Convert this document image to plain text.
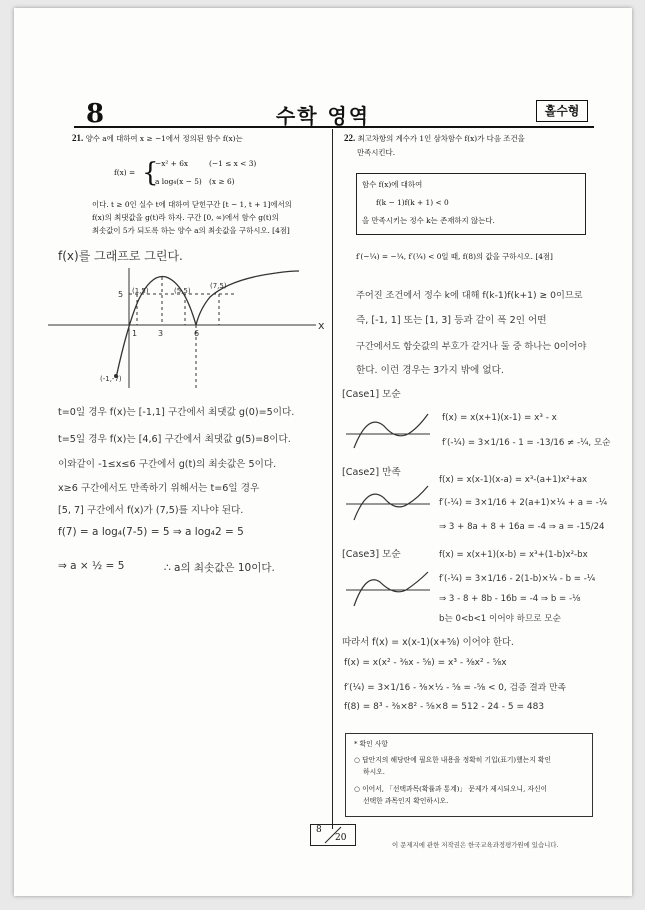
8	수학 영역	홀수형
21. 양수 a에 대하여 x ≥ −1에서 정의된 함수 f(x)는
f(x) = {
−x² + 6x	(−1 ≤ x < 3)
a log₄(x − 5) (x ≥ 6)
이다. t ≥ 0인 실수 t에 대하여 닫힌구간 [t − 1, t + 1]에서의
f(x)의 최댓값을 g(t)라 하자. 구간 [0, ∞)에서 함수 g(t)의
최솟값이 5가 되도록 하는 양수 a의 최솟값을 구하시오. [4점]
f(x)를 그래프로 그린다.
x
5 (1,5)	(5,5)
(7,5)
1	3	6
(-1,-7)
t=0일 경우 f(x)는 [-1,1] 구간에서 최댓값 g(0)=5이다.
t=5일 경우 f(x)는 [4,6] 구간에서 최댓값 g(5)=8이다.
이와같이 -1≤x≤6 구간에서 g(t)의 최솟값은 5이다.
x≥6 구간에서도 만족하기 위해서는 t=6일 경우
[5, 7] 구간에서 f(x)가 (7,5)를 지나야 된다.
f(7) = a log₄(7-5) = 5 ⇒ a log₄2 = 5
⇒ a × ½ = 5	∴ a의 최솟값은 10이다.
22. 최고차항의 계수가 1인 삼차함수 f(x)가 다음 조건을
만족시킨다.
함수 f(x)에 대하여
f(k − 1)f(k + 1) < 0
을 만족시키는 정수 k는 존재하지 않는다.
f′(−¼) = −¼, f′(¼) < 0일 때, f(8)의 값을 구하시오. [4점]
주어진 조건에서 정수 k에 대해 f(k-1)f(k+1) ≥ 0이므로
즉, [-1, 1] 또는 [1, 3] 등과 같이 폭 2인 어떤
구간에서도 함숫값의 부호가 같거나 둘 중 하나는 0이어야
한다. 이런 경우는 3가지 밖에 없다.
[Case1] 모순
f(x) = x(x+1)(x-1) = x³ - x
f′(-¼) = 3×1/16 - 1 = -13/16 ≠ -¼, 모순
[Case2] 만족
f(x) = x(x-1)(x-a) = x³-(a+1)x²+ax
f′(-¼) = 3×1/16 + 2(a+1)×¼ + a = -¼
⇒ 3 + 8a + 8 + 16a = -4 ⇒ a = -15/24
[Case3] 모순	f(x) = x(x+1)(x-b) = x³+(1-b)x²-bx
f′(-¼) = 3×1/16 - 2(1-b)×¼ - b = -¼
⇒ 3 - 8 + 8b - 16b = -4 ⇒ b = -⅛
b는 0<b<1 이어야 하므로 모순
따라서 f(x) = x(x-1)(x+⅝) 이어야 한다.
f(x) = x(x² - ⅜x - ⅝) = x³ - ⅜x² - ⅝x
f′(¼) = 3×1/16 - ⅜×½ - ⅝ = -⅝ < 0, 검증 결과 만족
f(8) = 8³ - ⅜×8² - ⅝×8 = 512 - 24 - 5 = 483
* 확인 사항
○ 답안지의 해당란에 필요한 내용을 정확히 기입(표기)했는지 확인
하시오.
○ 이어서, 「선택과목(확률과 통계)」 문제가 제시되오니, 자신이
선택한 과목인지 확인하시오.
8
20
이 문제지에 관한 저작권은 한국교육과정평가원에 있습니다.
